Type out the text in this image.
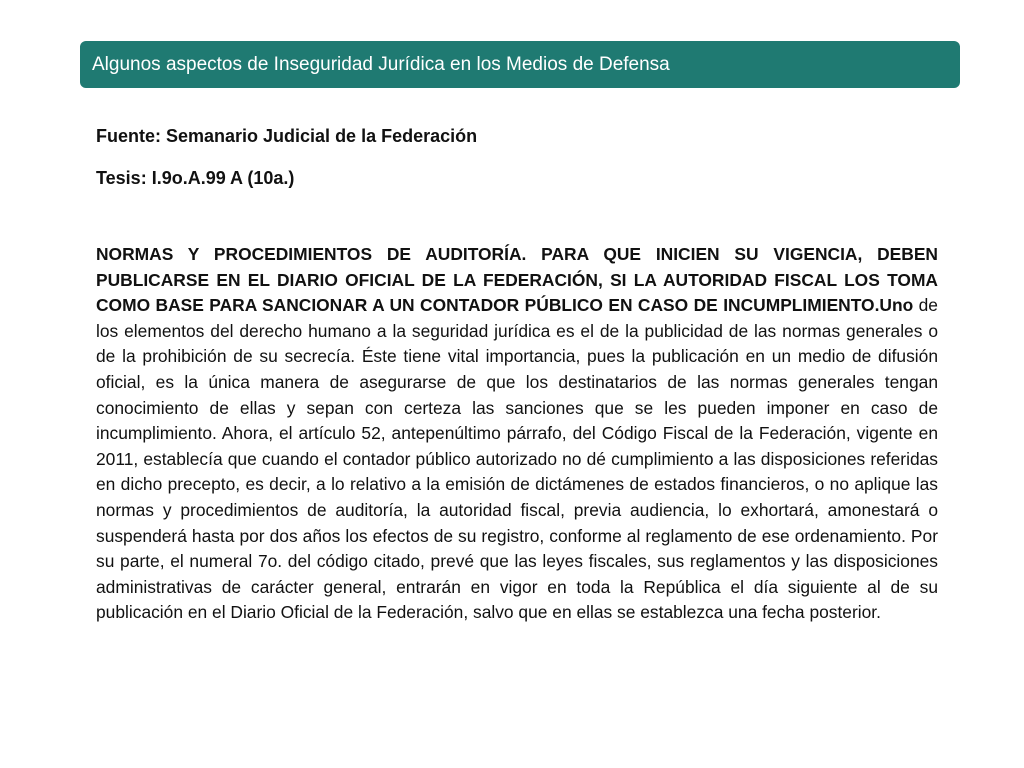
Algunos aspectos de Inseguridad Jurídica en los Medios de Defensa

Fuente: Semanario Judicial de la Federación

Tesis: I.9o.A.99 A (10a.)

NORMAS Y PROCEDIMIENTOS DE AUDITORÍA. PARA QUE INICIEN SU VIGENCIA, DEBEN PUBLICARSE EN EL DIARIO OFICIAL DE LA FEDERACIÓN, SI LA AUTORIDAD FISCAL LOS TOMA COMO BASE PARA SANCIONAR A UN CONTADOR PÚBLICO EN CASO DE INCUMPLIMIENTO.Uno de los elementos del derecho humano a la seguridad jurídica es el de la publicidad de las normas generales o de la prohibición de su secrecía. Éste tiene vital importancia, pues la publicación en un medio de difusión oficial, es la única manera de asegurarse de que los destinatarios de las normas generales tengan conocimiento de ellas y sepan con certeza las sanciones que se les pueden imponer en caso de incumplimiento. Ahora, el artículo 52, antepenúltimo párrafo, del Código Fiscal de la Federación, vigente en 2011, establecía que cuando el contador público autorizado no dé cumplimiento a las disposiciones referidas en dicho precepto, es decir, a lo relativo a la emisión de dictámenes de estados financieros, o no aplique las normas y procedimientos de auditoría, la autoridad fiscal, previa audiencia, lo exhortará, amonestará o suspenderá hasta por dos años los efectos de su registro, conforme al reglamento de ese ordenamiento. Por su parte, el numeral 7o. del código citado, prevé que las leyes fiscales, sus reglamentos y las disposiciones administrativas de carácter general, entrarán en vigor en toda la República el día siguiente al de su publicación en el Diario Oficial de la Federación, salvo que en ellas se establezca una fecha posterior.
